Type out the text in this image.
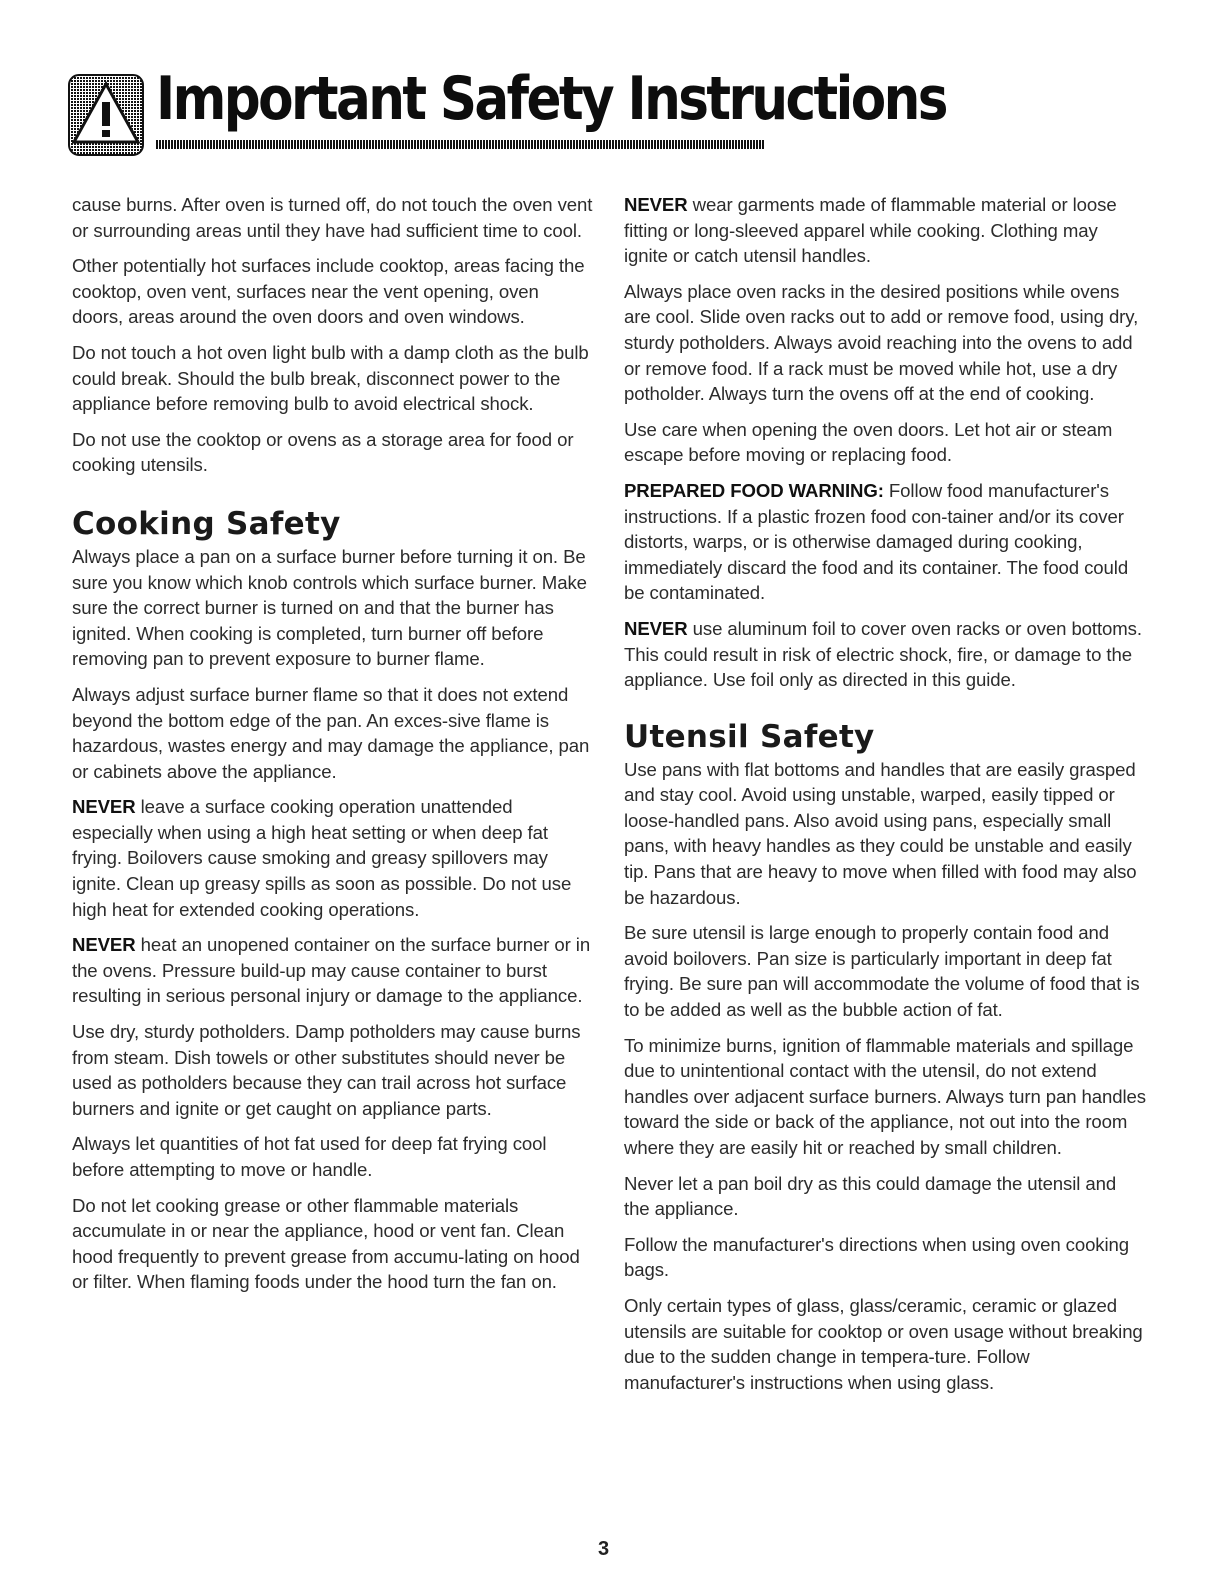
Important Safety Instructions

cause burns. After oven is turned off, do not touch the oven vent or surrounding areas until they have had sufficient time to cool.

Other potentially hot surfaces include cooktop, areas facing the cooktop, oven vent, surfaces near the vent opening, oven doors, areas around the oven doors and oven windows.

Do not touch a hot oven light bulb with a damp cloth as the bulb could break. Should the bulb break, disconnect power to the appliance before removing bulb to avoid electrical shock.

Do not use the cooktop or ovens as a storage area for food or cooking utensils.

Cooking Safety

Always place a pan on a surface burner before turning it on. Be sure you know which knob controls which surface burner. Make sure the correct burner is turned on and that the burner has ignited. When cooking is completed, turn burner off before removing pan to prevent exposure to burner flame.

Always adjust surface burner flame so that it does not extend beyond the bottom edge of the pan. An exces-sive flame is hazardous, wastes energy and may damage the appliance, pan or cabinets above the appliance.

NEVER leave a surface cooking operation unattended especially when using a high heat setting or when deep fat frying. Boilovers cause smoking and greasy spillovers may ignite. Clean up greasy spills as soon as possible. Do not use high heat for extended cooking operations.

NEVER heat an unopened container on the surface burner or in the ovens. Pressure build-up may cause container to burst resulting in serious personal injury or damage to the appliance.

Use dry, sturdy potholders. Damp potholders may cause burns from steam. Dish towels or other substitutes should never be used as potholders because they can trail across hot surface burners and ignite or get caught on appliance parts.

Always let quantities of hot fat used for deep fat frying cool before attempting to move or handle.

Do not let cooking grease or other flammable materials accumulate in or near the appliance, hood or vent fan. Clean hood frequently to prevent grease from accumu-lating on hood or filter. When flaming foods under the hood turn the fan on.

NEVER wear garments made of flammable material or loose fitting or long-sleeved apparel while cooking. Clothing may ignite or catch utensil handles.

Always place oven racks in the desired positions while ovens are cool. Slide oven racks out to add or remove food, using dry, sturdy potholders. Always avoid reaching into the ovens to add or remove food. If a rack must be moved while hot, use a dry potholder. Always turn the ovens off at the end of cooking.

Use care when opening the oven doors. Let hot air or steam escape before moving or replacing food.

PREPARED FOOD WARNING: Follow food manufacturer's instructions. If a plastic frozen food con-tainer and/or its cover distorts, warps, or is otherwise damaged during cooking, immediately discard the food and its container. The food could be contaminated.

NEVER use aluminum foil to cover oven racks or oven bottoms. This could result in risk of electric shock, fire, or damage to the appliance. Use foil only as directed in this guide.

Utensil Safety

Use pans with flat bottoms and handles that are easily grasped and stay cool. Avoid using unstable, warped, easily tipped or loose-handled pans. Also avoid using pans, especially small pans, with heavy handles as they could be unstable and easily tip. Pans that are heavy to move when filled with food may also be hazardous.

Be sure utensil is large enough to properly contain food and avoid boilovers. Pan size is particularly important in deep fat frying. Be sure pan will accommodate the volume of food that is to be added as well as the bubble action of fat.

To minimize burns, ignition of flammable materials and spillage due to unintentional contact with the utensil, do not extend handles over adjacent surface burners. Always turn pan handles toward the side or back of the appliance, not out into the room where they are easily hit or reached by small children.

Never let a pan boil dry as this could damage the utensil and the appliance.

Follow the manufacturer's directions when using oven cooking bags.

Only certain types of glass, glass/ceramic, ceramic or glazed utensils are suitable for cooktop or oven usage without breaking due to the sudden change in tempera-ture. Follow manufacturer's instructions when using glass.

3
